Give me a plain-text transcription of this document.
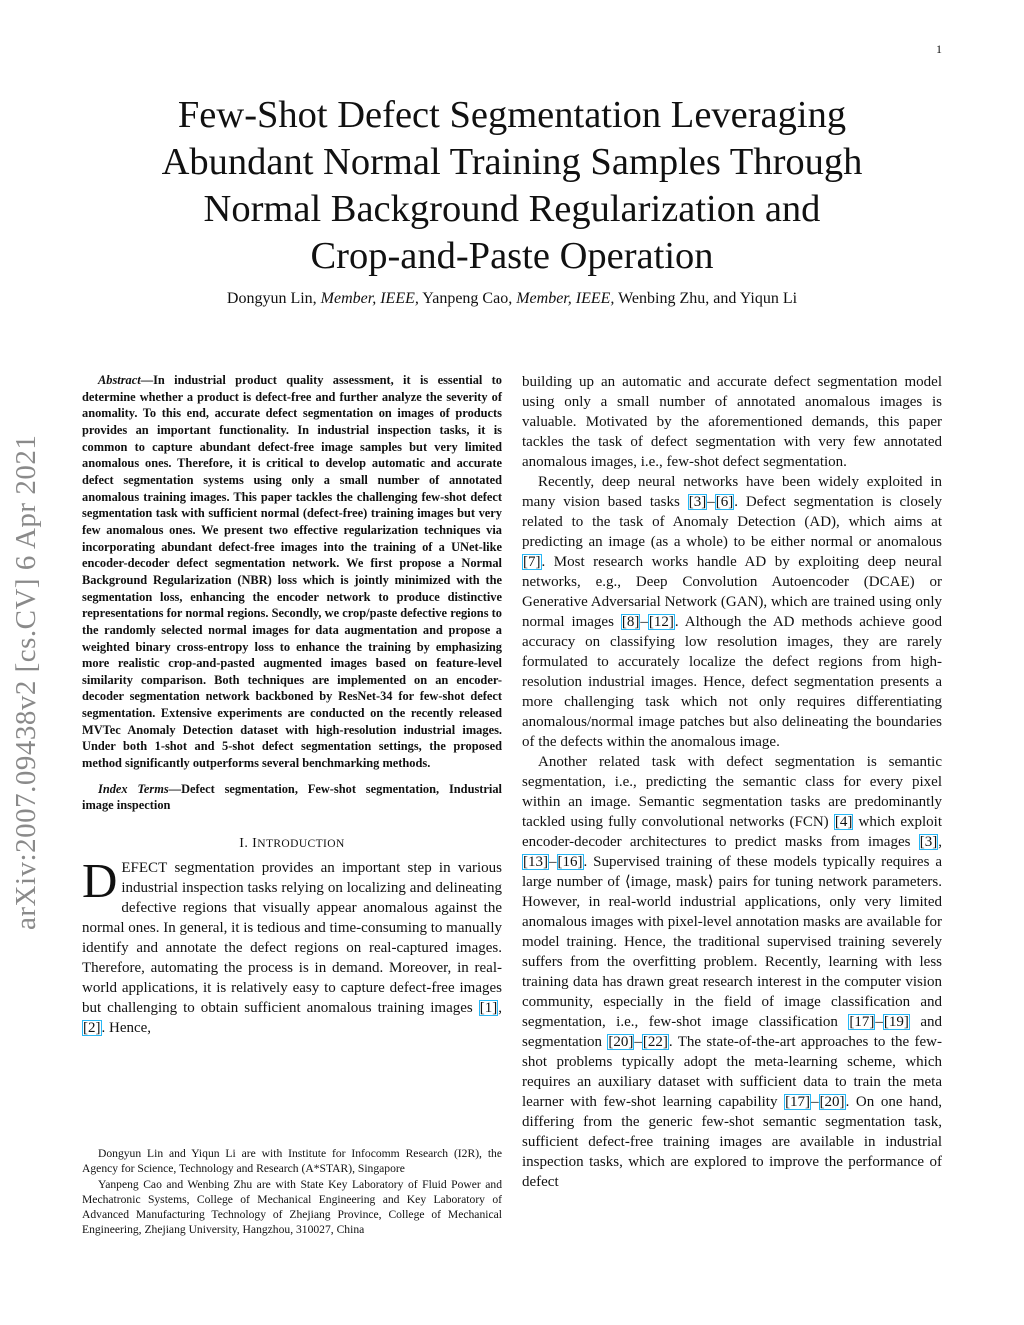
1
arXiv:2007.09438v2 [cs.CV] 6 Apr 2021
Few-Shot Defect Segmentation Leveraging
Abundant Normal Training Samples Through
Normal Background Regularization and
Crop-and-Paste Operation
Dongyun Lin, Member, IEEE, Yanpeng Cao, Member, IEEE, Wenbing Zhu, and Yiqun Li

Abstract—In industrial product quality assessment, it is essential to determine whether a product is defect-free and further analyze the severity of anomality. To this end, accurate defect segmentation on images of products provides an important functionality. In industrial inspection tasks, it is common to capture abundant defect-free image samples but very limited anomalous ones. Therefore, it is critical to develop automatic and accurate defect segmentation systems using only a small number of annotated anomalous training images. This paper tackles the challenging few-shot defect segmentation task with sufficient normal (defect-free) training images but very few anomalous ones. We present two effective regularization techniques via incorporating abundant defect-free images into the training of a UNet-like encoder-decoder defect segmentation network. We first propose a Normal Background Regularization (NBR) loss which is jointly minimized with the segmentation loss, enhancing the encoder network to produce distinctive representations for normal regions. Secondly, we crop/paste defective regions to the randomly selected normal images for data augmentation and propose a weighted binary cross-entropy loss to enhance the training by emphasizing more realistic crop-and-pasted augmented images based on feature-level similarity comparison. Both techniques are implemented on an encoder-decoder segmentation network backboned by ResNet-34 for few-shot defect segmentation. Extensive experiments are conducted on the recently released MVTec Anomaly Detection dataset with high-resolution industrial images. Under both 1-shot and 5-shot defect segmentation settings, the proposed method significantly outperforms several benchmarking methods.

Index Terms—Defect segmentation, Few-shot segmentation, Industrial image inspection

I. INTRODUCTION

DEFECT segmentation provides an important step in various industrial inspection tasks relying on localizing and delineating defective regions that visually appear anomalous against the normal ones. In general, it is tedious and time-consuming to manually identify and annotate the defect regions on real-captured images. Therefore, automating the process is in demand. Moreover, in real-world applications, it is relatively easy to capture defect-free images but challenging to obtain sufficient anomalous training images [1], [2]. Hence,

Dongyun Lin and Yiqun Li are with Institute for Infocomm Research (I2R), the Agency for Science, Technology and Research (A*STAR), Singapore

Yanpeng Cao and Wenbing Zhu are with State Key Laboratory of Fluid Power and Mechatronic Systems, College of Mechanical Engineering and Key Laboratory of Advanced Manufacturing Technology of Zhejiang Province, College of Mechanical Engineering, Zhejiang University, Hangzhou, 310027, China

building up an automatic and accurate defect segmentation model using only a small number of annotated anomalous images is valuable. Motivated by the aforementioned demands, this paper tackles the task of defect segmentation with very few annotated anomalous images, i.e., few-shot defect segmentation.

Recently, deep neural networks have been widely exploited in many vision based tasks [3]–[6]. Defect segmentation is closely related to the task of Anomaly Detection (AD), which aims at predicting an image (as a whole) to be either normal or anomalous [7]. Most research works handle AD by exploiting deep neural networks, e.g., Deep Convolution Autoencoder (DCAE) or Generative Adversarial Network (GAN), which are trained using only normal images [8]–[12]. Although the AD methods achieve good accuracy on classifying low resolution images, they are rarely formulated to accurately localize the defect regions from high-resolution industrial images. Hence, defect segmentation presents a more challenging task which not only requires differentiating anomalous/normal image patches but also delineating the boundaries of the defects within the anomalous image.

Another related task with defect segmentation is semantic segmentation, i.e., predicting the semantic class for every pixel within an image. Semantic segmentation tasks are predominantly tackled using fully convolutional networks (FCN) [4] which exploit encoder-decoder architectures to predict masks from images [3], [13]–[16]. Supervised training of these models typically requires a large number of ⟨image, mask⟩ pairs for tuning network parameters. However, in real-world industrial applications, only very limited anomalous images with pixel-level annotation masks are available for model training. Hence, the traditional supervised training severely suffers from the overfitting problem. Recently, learning with less training data has drawn great research interest in the computer vision community, especially in the field of image classification and segmentation, i.e., few-shot image classification [17]–[19] and segmentation [20]–[22]. The state-of-the-art approaches to the few-shot problems typically adopt the meta-learning scheme, which requires an auxiliary dataset with sufficient data to train the meta learner with few-shot learning capability [17]–[20]. On one hand, differing from the generic few-shot semantic segmentation task, sufficient defect-free training images are available in industrial inspection tasks, which are explored to improve the performance of defect
